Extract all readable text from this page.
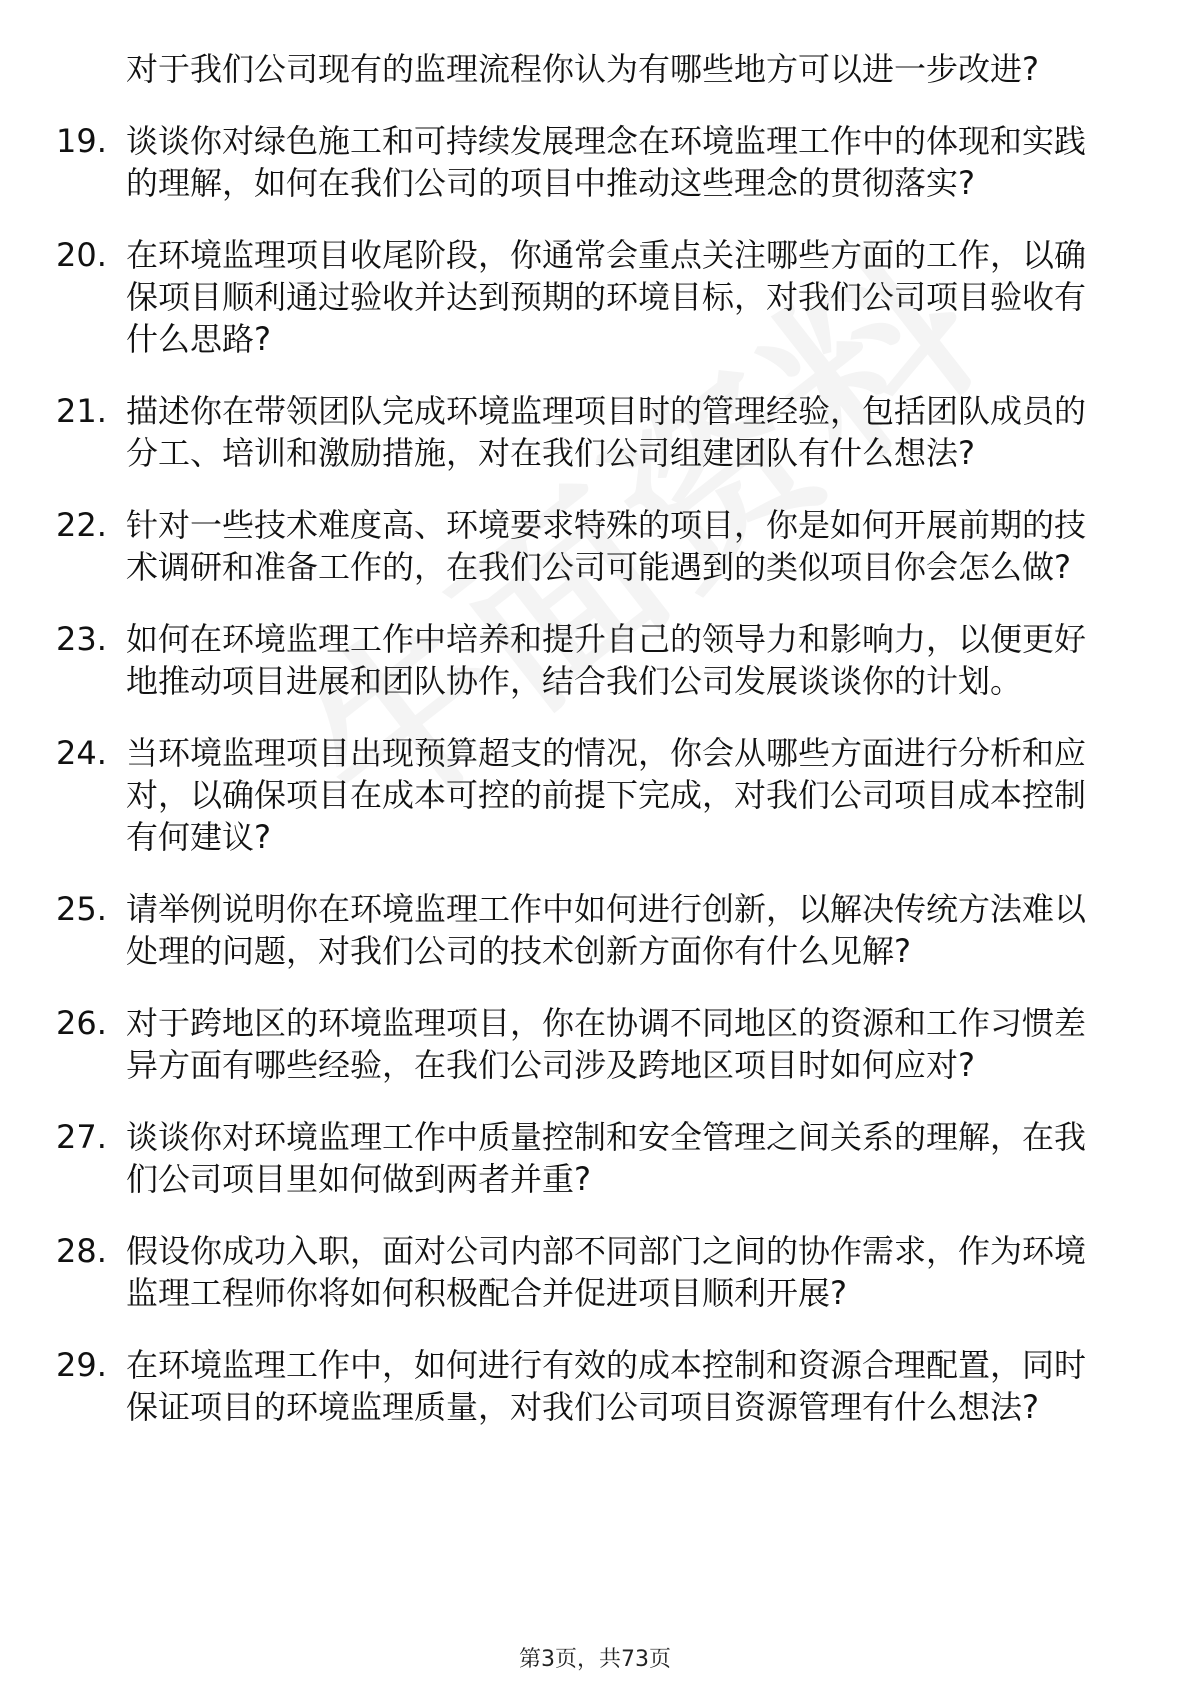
对于我们公司现有的监理流程你认为有哪些地方可以进一步改进?
19. 谈谈你对绿色施工和可持续发展理念在环境监理工作中的体现和实践的理解，如何在我们公司的项目中推动这些理念的贯彻落实?
20. 在环境监理项目收尾阶段，你通常会重点关注哪些方面的工作，以确保项目顺利通过验收并达到预期的环境目标，对我们公司项目验收有什么思路?
21. 描述你在带领团队完成环境监理项目时的管理经验，包括团队成员的分工、培训和激励措施，对在我们公司组建团队有什么想法?
22. 针对一些技术难度高、环境要求特殊的项目，你是如何开展前期的技术调研和准备工作的，在我们公司可能遇到的类似项目你会怎么做?
23. 如何在环境监理工作中培养和提升自己的领导力和影响力，以便更好地推动项目进展和团队协作，结合我们公司发展谈谈你的计划。
24. 当环境监理项目出现预算超支的情况，你会从哪些方面进行分析和应对，以确保项目在成本可控的前提下完成，对我们公司项目成本控制有何建议?
25. 请举例说明你在环境监理工作中如何进行创新，以解决传统方法难以处理的问题，对我们公司的技术创新方面你有什么见解?
26. 对于跨地区的环境监理项目，你在协调不同地区的资源和工作习惯差异方面有哪些经验，在我们公司涉及跨地区项目时如何应对?
27. 谈谈你对环境监理工作中质量控制和安全管理之间关系的理解，在我们公司项目里如何做到两者并重?
28. 假设你成功入职，面对公司内部不同部门之间的协作需求，作为环境监理工程师你将如何积极配合并促进项目顺利开展?
29. 在环境监理工作中，如何进行有效的成本控制和资源合理配置，同时保证项目的环境监理质量，对我们公司项目资源管理有什么想法?
第3页，共73页
